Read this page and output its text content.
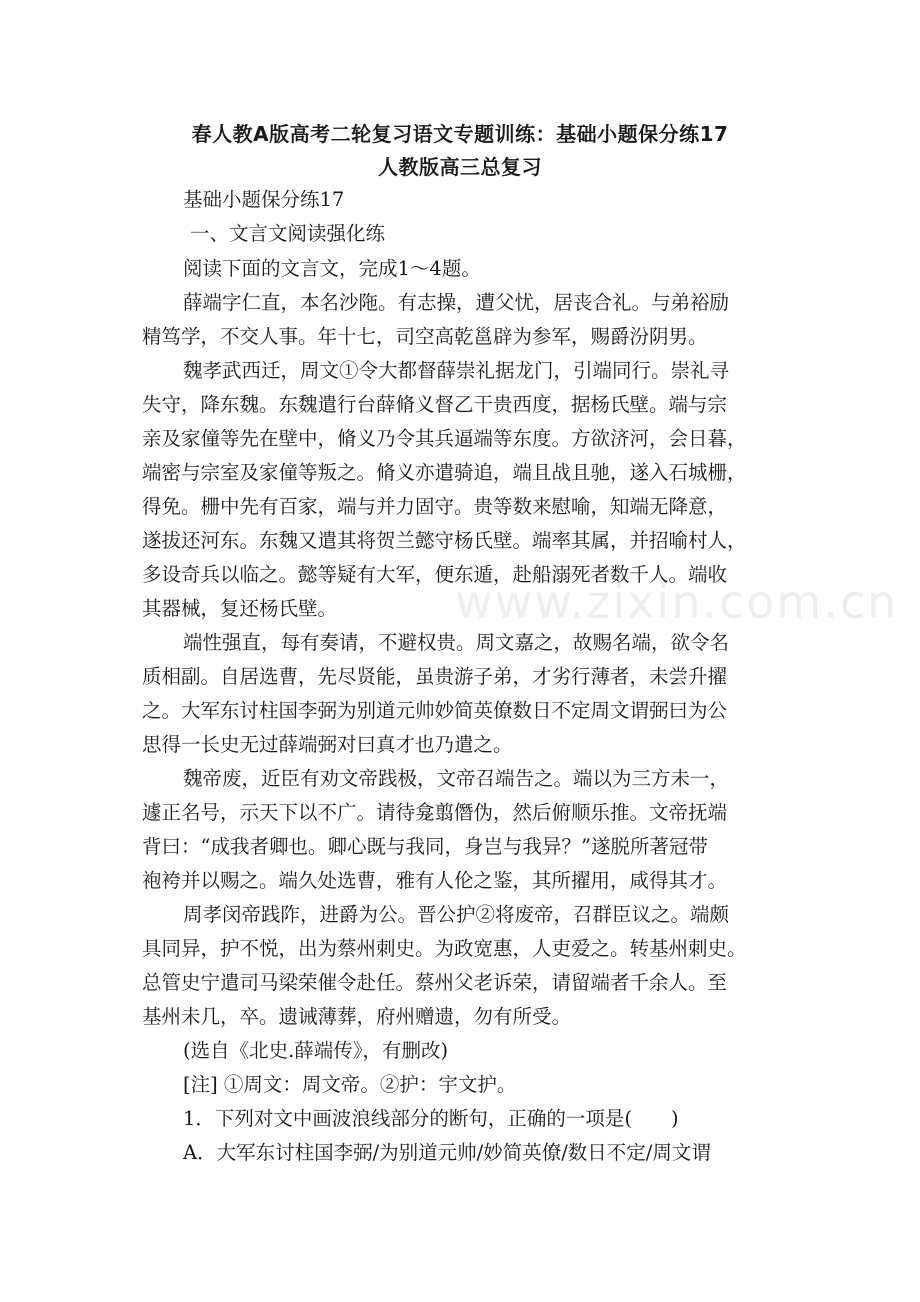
www.zixin.com.cn
春人教A版高考二轮复习语文专题训练：基础小题保分练17
人教版高三总复习
基础小题保分练17
一、文言文阅读强化练
阅读下面的文言文，完成1～4题。
薛端字仁直，本名沙陁。有志操，遭父忧，居丧合礼。与弟裕励
精笃学，不交人事。年十七，司空高乾邕辟为参军，赐爵汾阴男。
魏孝武西迁，周文①令大都督薛崇礼据龙门，引端同行。崇礼寻
失守，降东魏。东魏遣行台薛脩义督乙干贵西度，据杨氏壁。端与宗
亲及家僮等先在壁中，脩义乃令其兵逼端等东度。方欲济河，会日暮，
端密与宗室及家僮等叛之。脩义亦遣骑追，端且战且驰，遂入石城栅，
得免。栅中先有百家，端与并力固守。贵等数来慰喻，知端无降意，
遂拔还河东。东魏又遣其将贺兰懿守杨氏壁。端率其属，并招喻村人，
多设奇兵以临之。懿等疑有大军，便东遁，赴船溺死者数千人。端收
其器械，复还杨氏壁。
端性强直，每有奏请，不避权贵。周文嘉之，故赐名端，欲令名
质相副。自居选曹，先尽贤能，虽贵游子弟，才劣行薄者，未尝升擢
之。大军东讨柱国李弼为别道元帅妙简英僚数日不定周文谓弼曰为公
思得一长史无过薛端弼对曰真才也乃遣之。
魏帝废，近臣有劝文帝践极，文帝召端告之。端以为三方未一，
遽正名号，示天下以不广。请待龛翦僭伪，然后俯顺乐推。文帝抚端
背曰：“成我者卿也。卿心既与我同，身岂与我异？”遂脱所著冠带
袍袴并以赐之。端久处选曹，雅有人伦之鉴，其所擢用，咸得其才。
周孝闵帝践阼，进爵为公。晋公护②将废帝，召群臣议之。端颇
具同异，护不悦，出为蔡州刺史。为政宽惠，人吏爱之。转基州刺史。
总管史宁遣司马梁荣催令赴任。蔡州父老诉荣，请留端者千余人。至
基州未几，卒。遗诫薄葬，府州赠遗，勿有所受。
(选自《北史.薛端传》，有删改)
[注] ①周文：周文帝。②护：宇文护。
1．下列对文中画波浪线部分的断句，正确的一项是(　　)
A．大军东讨柱国李弼/为别道元帅/妙简英僚/数日不定/周文谓
